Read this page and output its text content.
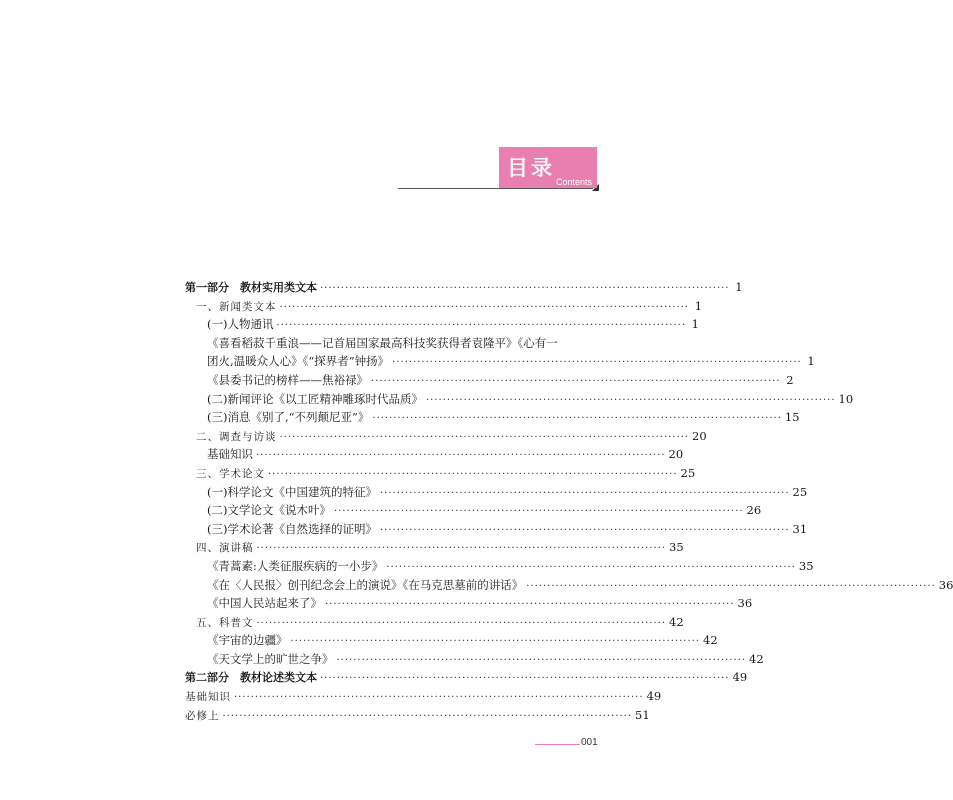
目录
Contents
第一部分　教材实用类文本 ·································································································· 1
一、新闻类文本 ·································································································· 1
(一)人物通讯 ·································································································· 1
《喜看稻菽千重浪——记首届国家最高科技奖获得者袁隆平》《心有一
团火,温暖众人心》《“探界者”钟扬》 ·································································································· 1
《县委书记的榜样——焦裕禄》 ·································································································· 2
(二)新闻评论《以工匠精神雕琢时代品质》 ·································································································· 10
(三)消息《别了,“不列颠尼亚”》 ·································································································· 15
二、调查与访谈 ·································································································· 20
基础知识 ·································································································· 20
三、学术论文 ·································································································· 25
(一)科学论文《中国建筑的特征》 ·································································································· 25
(二)文学论文《说木叶》 ·································································································· 26
(三)学术论著《自然选择的证明》 ·································································································· 31
四、演讲稿 ·································································································· 35
《青蒿素:人类征服疾病的一小步》 ·································································································· 35
《在〈人民报〉创刊纪念会上的演说》《在马克思墓前的讲话》 ·································································································· 36
《中国人民站起来了》 ·································································································· 36
五、科普文 ·································································································· 42
《宇宙的边疆》 ·································································································· 42
《天文学上的旷世之争》 ·································································································· 42
第二部分　教材论述类文本 ·································································································· 49
基础知识 ·································································································· 49
必修上 ·································································································· 51
001
